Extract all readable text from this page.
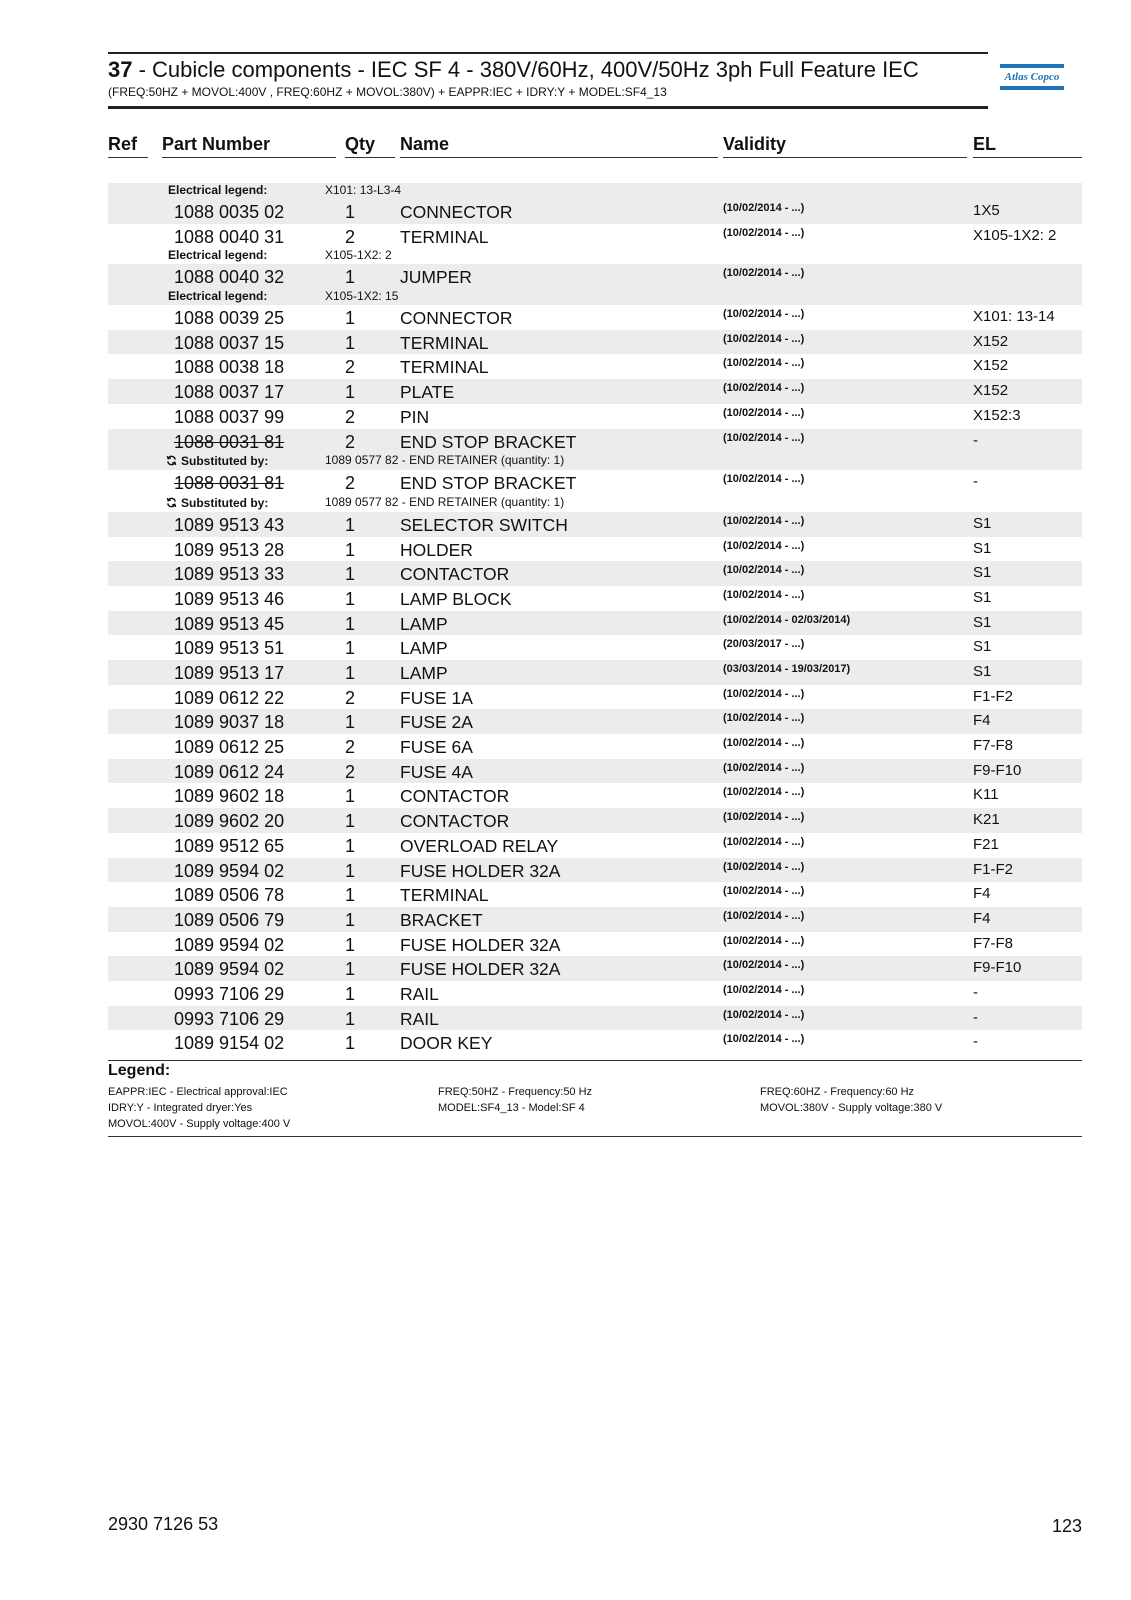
37 - Cubicle components - IEC SF 4 - 380V/60Hz, 400V/50Hz 3ph Full Feature IEC
(FREQ:50HZ + MOVOL:400V , FREQ:60HZ + MOVOL:380V) + EAPPR:IEC + IDRY:Y + MODEL:SF4_13
Atlas Copco
Ref Part Number	Qty Name	Validity	EL
Electrical legend:	X101: 13-L3-4
1088 0035 02	1	CONNECTOR	(10/02/2014 - ...)	1X5
1088 0040 31	2	TERMINAL	(10/02/2014 - ...)	X105-1X2: 2
Electrical legend:	X105-1X2: 2
1088 0040 32	1	JUMPER	(10/02/2014 - ...)
Electrical legend:	X105-1X2: 15
1088 0039 25	1	CONNECTOR	(10/02/2014 - ...)	X101: 13-14
1088 0037 15	1	TERMINAL	(10/02/2014 - ...)	X152
1088 0038 18	2	TERMINAL	(10/02/2014 - ...)	X152
1088 0037 17	1	PLATE	(10/02/2014 - ...)	X152
1088 0037 99	2	PIN	(10/02/2014 - ...)	X152:3
1088 0031 81	2	END STOP BRACKET	(10/02/2014 - ...)	-
Substituted by:	1089 0577 82 - END RETAINER (quantity: 1)
1088 0031 81	2	END STOP BRACKET	(10/02/2014 - ...)	-
Substituted by:	1089 0577 82 - END RETAINER (quantity: 1)
1089 9513 43	1	SELECTOR SWITCH	(10/02/2014 - ...)	S1
1089 9513 28	1	HOLDER	(10/02/2014 - ...)	S1
1089 9513 33	1	CONTACTOR	(10/02/2014 - ...)	S1
1089 9513 46	1	LAMP BLOCK	(10/02/2014 - ...)	S1
1089 9513 45	1	LAMP	(10/02/2014 - 02/03/2014)	S1
1089 9513 51	1	LAMP	(20/03/2017 - ...)	S1
1089 9513 17	1	LAMP	(03/03/2014 - 19/03/2017)	S1
1089 0612 22	2	FUSE 1A	(10/02/2014 - ...)	F1-F2
1089 9037 18	1	FUSE 2A	(10/02/2014 - ...)	F4
1089 0612 25	2	FUSE 6A	(10/02/2014 - ...)	F7-F8
1089 0612 24	2	FUSE 4A	(10/02/2014 - ...)	F9-F10
1089 9602 18	1	CONTACTOR	(10/02/2014 - ...)	K11
1089 9602 20	1	CONTACTOR	(10/02/2014 - ...)	K21
1089 9512 65	1	OVERLOAD RELAY	(10/02/2014 - ...)	F21
1089 9594 02	1	FUSE HOLDER 32A	(10/02/2014 - ...)	F1-F2
1089 0506 78	1	TERMINAL	(10/02/2014 - ...)	F4
1089 0506 79	1	BRACKET	(10/02/2014 - ...)	F4
1089 9594 02	1	FUSE HOLDER 32A	(10/02/2014 - ...)	F7-F8
1089 9594 02	1	FUSE HOLDER 32A	(10/02/2014 - ...)	F9-F10
0993 7106 29	1	RAIL	(10/02/2014 - ...)	-
0993 7106 29	1	RAIL	(10/02/2014 - ...)	-
1089 9154 02	1	DOOR KEY	(10/02/2014 - ...)	-
Legend:
EAPPR:IEC - Electrical approval:IEC
IDRY:Y - Integrated dryer:Yes
MOVOL:400V - Supply voltage:400 V
FREQ:50HZ - Frequency:50 Hz
MODEL:SF4_13 - Model:SF 4
FREQ:60HZ - Frequency:60 Hz
MOVOL:380V - Supply voltage:380 V
2930 7126 53	123
